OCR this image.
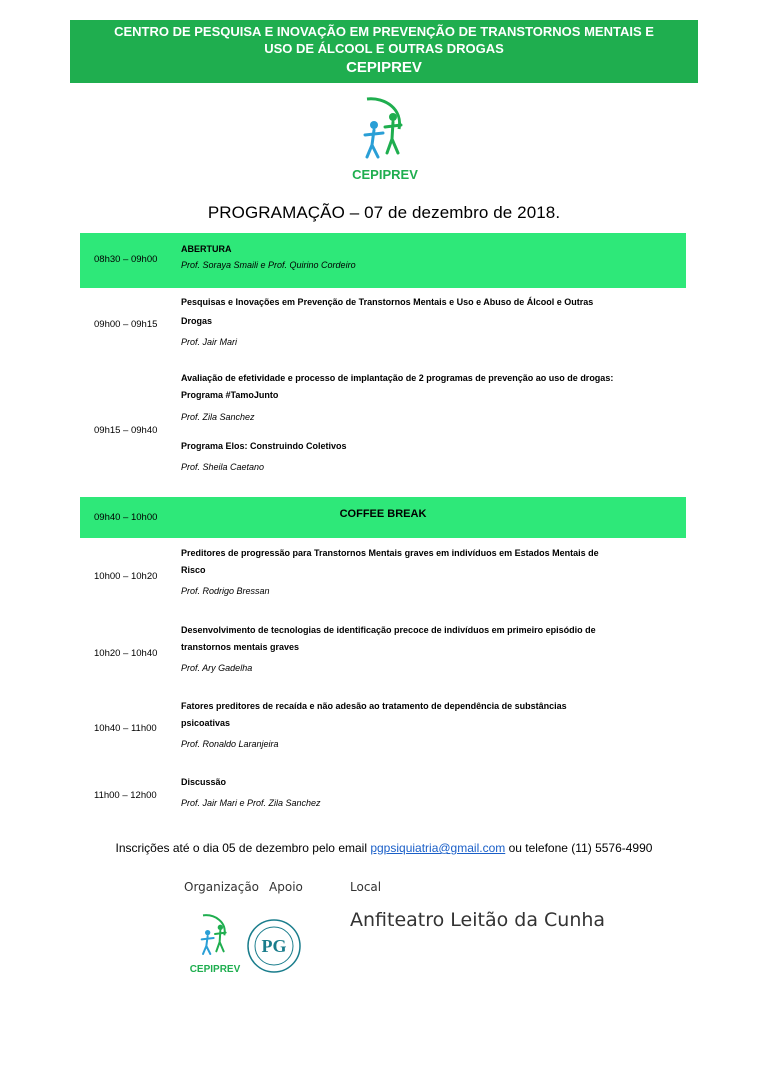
CENTRO DE PESQUISA E INOVAÇÃO EM PREVENÇÃO DE TRANSTORNOS MENTAIS E
USO DE ÁLCOOL E OUTRAS DROGAS
CEPIPREV
CEPIPREV
PROGRAMAÇÃO – 07 de dezembro de 2018.
08h30 – 09h00
ABERTURA
Prof. Soraya Smaili e Prof. Quirino Cordeiro
09h00 – 09h15
Pesquisas e Inovações em Prevenção de Transtornos Mentais e Uso e Abuso de Álcool e Outras
Drogas
Prof. Jair Mari
09h15 – 09h40
Avaliação de efetividade e processo de implantação de 2 programas de prevenção ao uso de drogas:
Programa #TamoJunto
Prof. Zila Sanchez
Programa Elos: Construindo Coletivos
Prof. Sheila Caetano
09h40 – 10h00	COFFEE BREAK
10h00 – 10h20
Preditores de progressão para Transtornos Mentais graves em indivíduos em Estados Mentais de
Risco
Prof. Rodrigo Bressan
10h20 – 10h40
Desenvolvimento de tecnologias de identificação precoce de indivíduos em primeiro episódio de
transtornos mentais graves
Prof. Ary Gadelha
10h40 – 11h00
Fatores preditores de recaída e não adesão ao tratamento de dependência de substâncias
psicoativas
Prof. Ronaldo Laranjeira
11h00 – 12h00
Discussão
Prof. Jair Mari e Prof. Zila Sanchez
Inscrições até o dia 05 de dezembro pelo email pgpsiquiatria@gmail.com ou telefone (11) 5576-4990
Organização Apoio	Local
Anfiteatro Leitão da Cunha
CEPIPREV
PG
